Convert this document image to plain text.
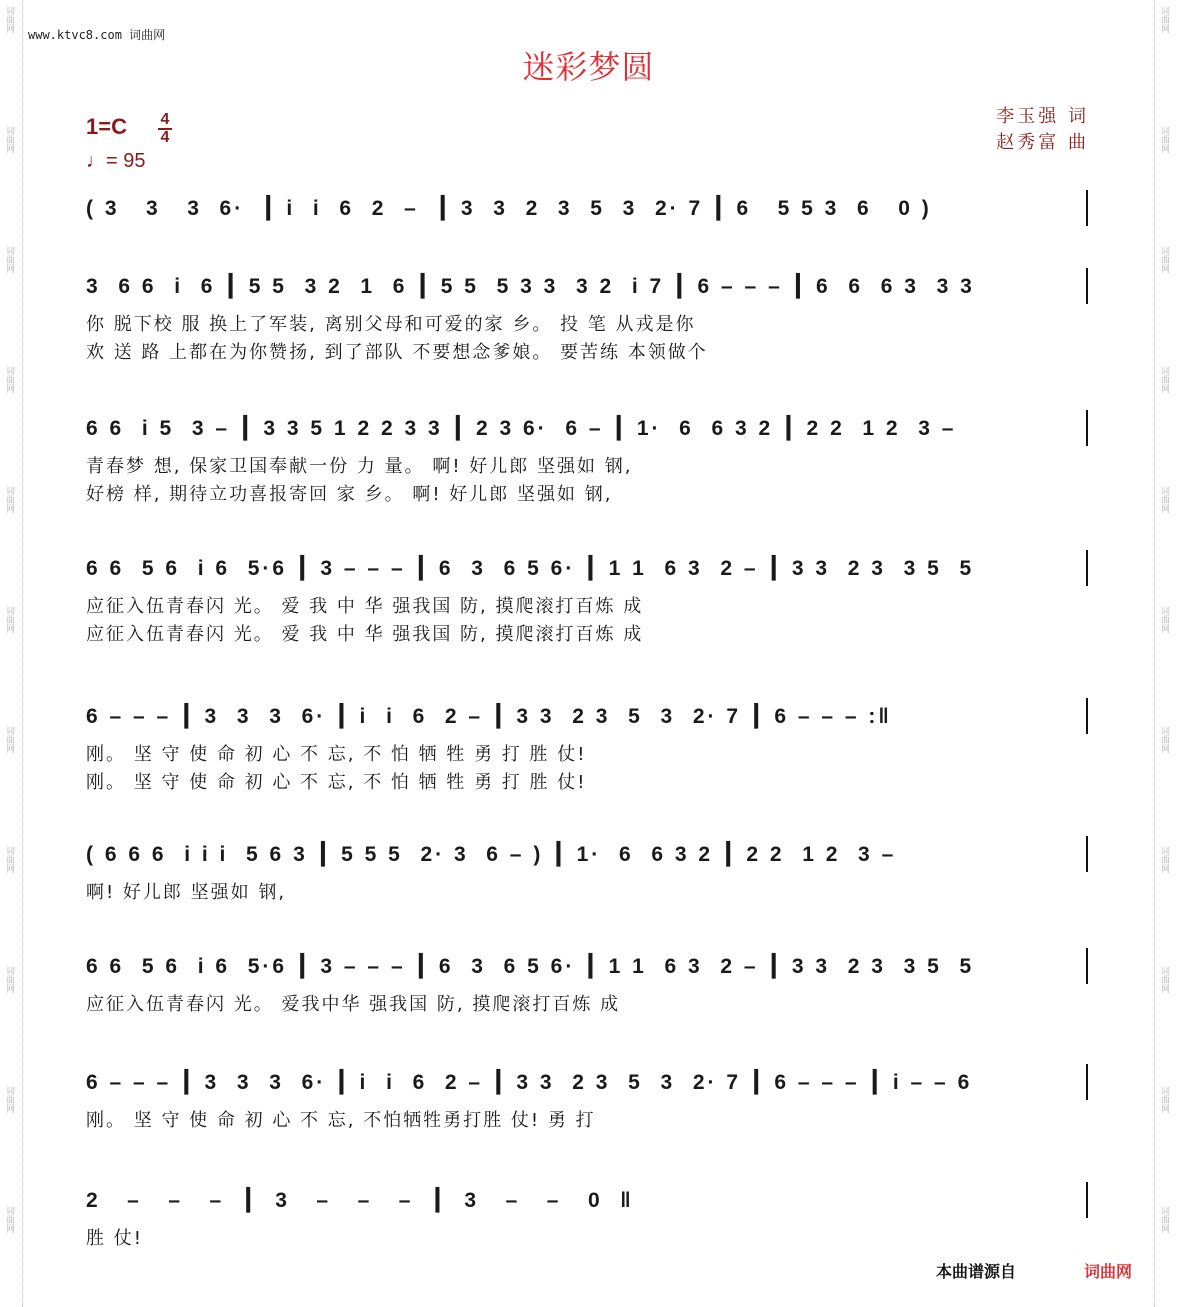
词曲网
词曲网
词曲网
词曲网
词曲网
词曲网
词曲网
词曲网
词曲网
词曲网
词曲网
词曲网
词曲网
词曲网
词曲网
词曲网
词曲网
词曲网
词曲网
词曲网
词曲网
词曲网
www.ktvc8.com 词曲网
迷彩梦圆
1=C 4
4
♩= 95
李玉强 词
赵秀富 曲
( 3   3   3  6·  ┃ i  i  6  2  –  ┃ 3  3  2  3  5  3  2· 7 ┃ 6   5 5 3  6   0 )
3  6 6  i  6 ┃ 5 5  3 2  1  6 ┃ 5 5  5 3 3  3 2  i 7 ┃ 6 – – – ┃ 6  6  6 3  3 3
你 脱下校 服 换上了军装, 离别父母和可爱的家 乡。 投 笔 从戎是你
欢 送 路 上都在为你赞扬, 到了部队 不要想念爹娘。 要苦练 本领做个
6 6  i 5  3 – ┃ 3 3 5 1 2 2 3 3 ┃ 2 3 6·  6 – ┃ 1·  6  6 3 2 ┃ 2 2  1 2  3 –
青春梦 想, 保家卫国奉献一份 力 量。 啊! 好儿郎 坚强如 钢,
好榜 样, 期待立功喜报寄回 家 乡。 啊! 好儿郎 坚强如 钢,
6 6  5 6  i 6  5·6 ┃ 3 – – – ┃ 6  3  6 5 6· ┃ 1 1  6 3  2 – ┃ 3 3  2 3  3 5  5
应征入伍青春闪 光。 爱 我 中 华 强我国 防, 摸爬滚打百炼 成
应征入伍青春闪 光。 爱 我 中 华 强我国 防, 摸爬滚打百炼 成
6 – – – ┃ 3  3  3  6· ┃ i  i  6  2 – ┃ 3 3  2 3  5  3  2· 7 ┃ 6 – – – :‖
刚。 坚 守 使 命 初 心 不 忘, 不 怕 牺 牲 勇 打 胜 仗!
刚。 坚 守 使 命 初 心 不 忘, 不 怕 牺 牲 勇 打 胜 仗!
( 6 6 6  i i i  5 6 3 ┃ 5 5 5  2· 3  6 – ) ┃ 1·  6  6 3 2 ┃ 2 2  1 2  3 –
啊! 好儿郎 坚强如 钢,
6 6  5 6  i 6  5·6 ┃ 3 – – – ┃ 6  3  6 5 6· ┃ 1 1  6 3  2 – ┃ 3 3  2 3  3 5  5
应征入伍青春闪 光。 爱我中华 强我国 防, 摸爬滚打百炼 成
6 – – – ┃ 3  3  3  6· ┃ i  i  6  2 – ┃ 3 3  2 3  5  3  2· 7 ┃ 6 – – – ┃ i – – 6
刚。 坚 守 使 命 初 心 不 忘, 不怕牺牲勇打胜 仗! 勇 打
2   –   –   –  ┃  3   –   –   –  ┃  3   –   –   0  ‖
胜 仗!
本曲谱源自	词曲网
